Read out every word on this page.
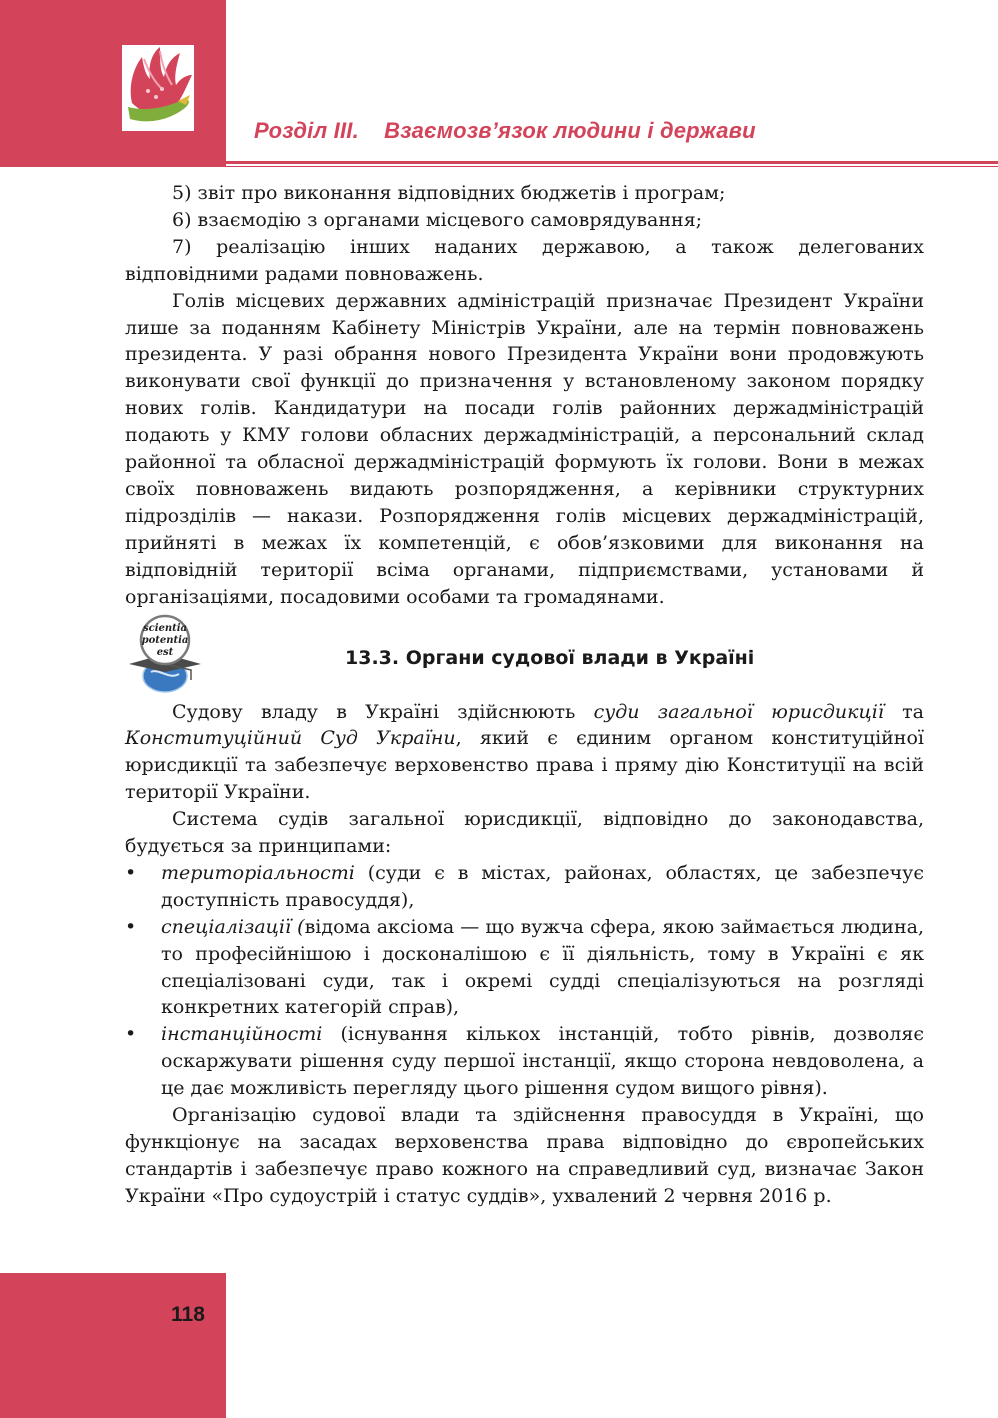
Розділ III.    Взаємозв’язок людини і держави

5) звіт про виконання відповідних бюджетів і програм;

6) взаємодію з органами місцевого самоврядування;

7) реалізацію інших наданих державою, а також делегованих відповідними радами повноважень.

Голів місцевих державних адміністрацій призначає Президент України лише за поданням Кабінету Міністрів України, але на термін повноважень президента. У разі обрання нового Президента України вони продовжують виконувати свої функції до призначення у встановленому законом порядку нових голів. Кандидатури на посади голів районних держадміністрацій подають у КМУ голови обласних держадміністрацій, а персональний склад районної та обласної держадміністрацій формують їх голови. Вони в межах своїх повноважень видають розпорядження, а керівники структурних підрозділів — накази. Розпорядження голів місцевих держадміністрацій, прийняті в межах їх компетенцій, є обов’язковими для виконання на відповідній території всіма органами, підприємствами, установами й організаціями, посадовими особами та громадянами.

scientia
potentia
est	13.3. Органи судової влади в Україні

Судову владу в Україні здійснюють суди загальної юрисдикції та Конституційний Суд України, який є єдиним органом конституційної юрисдикції та забезпечує верховенство права і пряму дію Конституції на всій території України.

Система судів загальної юрисдикції, відповідно до законодавства, будується за принципами:

• територіальності (суди є в містах, районах, областях, це забезпечує доступність правосуддя),
• спеціалізації (відома аксіома — що вужча сфера, якою займається людина, то професійнішою і досконалішою є її діяльність, тому в Україні є як спеціалізовані суди, так і окремі судді спеціалізуються на розгляді конкретних категорій справ),
• інстанційності (існування кількох інстанцій, тобто рівнів, дозволяє оскаржувати рішення суду першої інстанції, якщо сторона невдоволена, а це дає можливість перегляду цього рішення судом вищого рівня).

Організацію судової влади та здійснення правосуддя в Україні, що функціонує на засадах верховенства права відповідно до європейських стандартів і забезпечує право кожного на справедливий суд, визначає Закон України «Про судоустрій і статус суддів», ухвалений 2 червня 2016 р.

118
